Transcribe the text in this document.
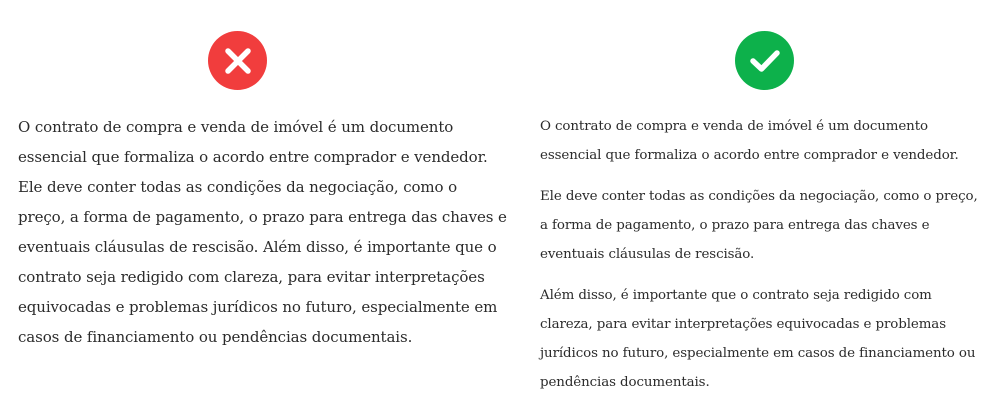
O contrato de compra e venda de imóvel é um documento essencial que formaliza o acordo entre comprador e vendedor. Ele deve conter todas as condições da negociação, como o preço, a forma de pagamento, o prazo para entrega das chaves e eventuais cláusulas de rescisão. Além disso, é importante que o contrato seja redigido com clareza, para evitar interpretações equivocadas e problemas jurídicos no futuro, especialmente em casos de financiamento ou pendências documentais.

O contrato de compra e venda de imóvel é um documento essencial que formaliza o acordo entre comprador e vendedor.

Ele deve conter todas as condições da negociação, como o preço, a forma de pagamento, o prazo para entrega das chaves e eventuais cláusulas de rescisão.

Além disso, é importante que o contrato seja redigido com clareza, para evitar interpretações equivocadas e problemas jurídicos no futuro, especialmente em casos de financiamento ou pendências documentais.
